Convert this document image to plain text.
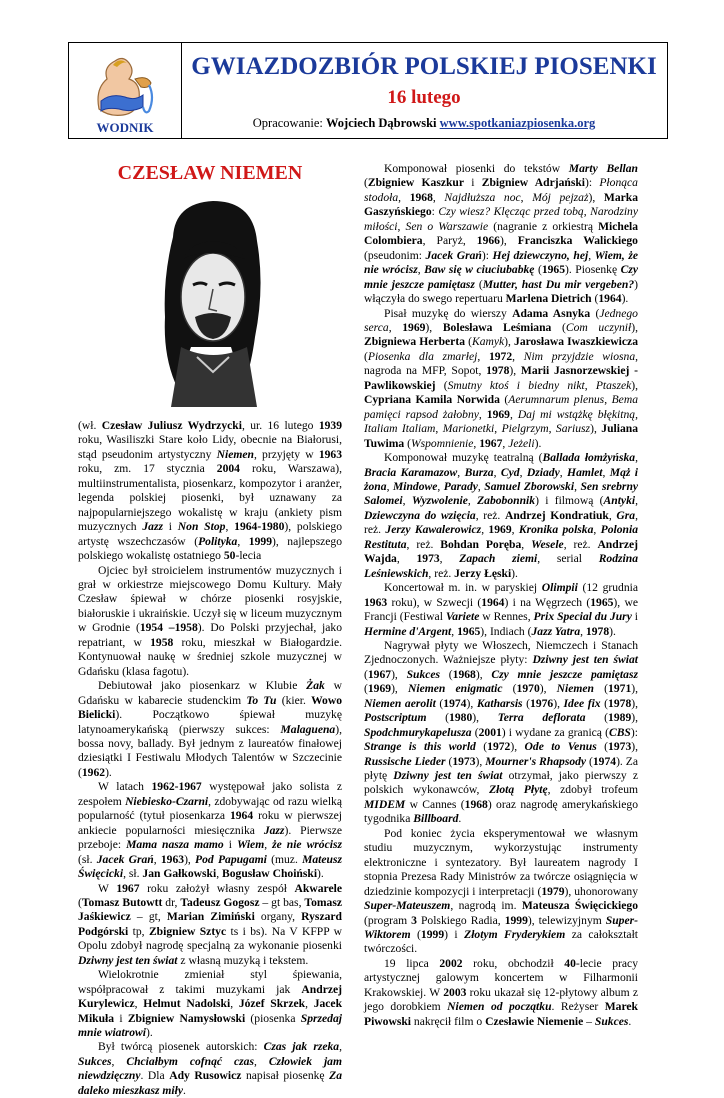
WODNIK
GWIAZDOZBIÓR POLSKIEJ PIOSENKI
16 lutego
Opracowanie: Wojciech Dąbrowski www.spotkaniazpiosenka.org
CZESŁAW NIEMEN

(wł. Czesław Juliusz Wydrzycki, ur. 16 lutego 1939 roku, Wasiliszki Stare koło Lidy, obecnie na Białorusi, stąd pseudonim artystyczny Niemen, przyjęty w 1963 roku, zm. 17 stycznia 2004 roku, Warszawa), multiinstrumentalista, piosenkarz, kompozytor i aranżer, legenda polskiej piosenki, był uznawany za najpopularniejszego wokalistę w kraju (ankiety pism muzycznych Jazz i Non Stop, 1964-1980), polskiego artystę wszechczasów (Polityka, 1999), najlepszego polskiego wokalistę ostatniego 50-lecia

Ojciec był stroicielem instrumentów muzycznych i grał w orkiestrze miejscowego Domu Kultury. Mały Czesław śpiewał w chórze piosenki rosyjskie, białoruskie i ukraińskie. Uczył się w liceum muzycznym w Grodnie (1954 –1958). Do Polski przyjechał, jako repatriant, w 1958 roku, mieszkał w Białogardzie. Kontynuował naukę w średniej szkole muzycznej w Gdańsku (klasa fagotu).

Debiutował jako piosenkarz w Klubie Żak w Gdańsku w kabarecie studenckim To Tu (kier. Wowo Bielicki). Początkowo śpiewał muzykę latynoamerykańską (pierwszy sukces: Malaguena), bossa novy, ballady. Był jednym z laureatów finałowej dziesiątki I Festiwalu Młodych Talentów w Szczecinie (1962).

W latach 1962-1967 występował jako solista z zespołem Niebiesko-Czarni, zdobywając od razu wielką popularność (tytuł piosenkarza 1964 roku w pierwszej ankiecie popularności miesięcznika Jazz). Pierwsze przeboje: Mama nasza mamo i Wiem, że nie wrócisz (sł. Jacek Grań, 1963), Pod Papugami (muz. Mateusz Święcicki, sł. Jan Gałkowski, Bogusław Choiński).

W 1967 roku założył własny zespół Akwarele (Tomasz Butowtt dr, Tadeusz Gogosz – gt bas, Tomasz Jaśkiewicz – gt, Marian Zimiński organy, Ryszard Podgórski tp, Zbigniew Sztyc ts i bs). Na V KFPP w Opolu zdobył nagrodę specjalną za wykonanie piosenki Dziwny jest ten świat z własną muzyką i tekstem.

Wielokrotnie zmieniał styl śpiewania, współpracował z takimi muzykami jak Andrzej Kurylewicz, Helmut Nadolski, Józef Skrzek, Jacek Mikuła i Zbigniew Namysłowski (piosenka Sprzedaj mnie wiatrowi).

Był twórcą piosenek autorskich: Czas jak rzeka, Sukces, Chciałbym cofnąć czas, Człowiek jam niewdzięczny. Dla Ady Rusowicz napisał piosenkę Za daleko mieszkasz miły.

Komponował piosenki do tekstów Marty Bellan (Zbigniew Kaszkur i Zbigniew Adrjański): Płonąca stodoła, 1968, Najdłuższa noc, Mój pejzaż), Marka Gaszyńskiego: Czy wiesz? Klęcząc przed tobą, Narodziny miłości, Sen o Warszawie (nagranie z orkiestrą Michela Colombiera, Paryż, 1966), Franciszka Walickiego (pseudonim: Jacek Grań): Hej dziewczyno, hej, Wiem, że nie wrócisz, Baw się w ciuciubabkę (1965). Piosenkę Czy mnie jeszcze pamiętasz (Mutter, hast Du mir vergeben?) włączyła do swego repertuaru Marlena Dietrich (1964).

Pisał muzykę do wierszy Adama Asnyka (Jednego serca, 1969), Bolesława Leśmiana (Com uczynił), Zbigniewa Herberta (Kamyk), Jarosława Iwaszkiewicza (Piosenka dla zmarłej, 1972, Nim przyjdzie wiosna, nagroda na MFP, Sopot, 1978), Marii Jasnorzewskiej - Pawlikowskiej (Smutny ktoś i biedny nikt, Ptaszek), Cypriana Kamila Norwida (Aerumnarum plenus, Bema pamięci rapsod żałobny, 1969, Daj mi wstążkę błękitną, Italiam Italiam, Marionetki, Pielgrzym, Sariusz), Juliana Tuwima (Wspomnienie, 1967, Jeżeli).

Komponował muzykę teatralną (Ballada łomżyńska, Bracia Karamazow, Burza, Cyd, Dziady, Hamlet, Mąż i żona, Mindowe, Parady, Samuel Zborowski, Sen srebrny Salomei, Wyzwolenie, Zabobonnik) i filmową (Antyki, Dziewczyna do wzięcia, reż. Andrzej Kondratiuk, Gra, reż. Jerzy Kawalerowicz, 1969, Kronika polska, Polonia Restituta, reż. Bohdan Poręba, Wesele, reż. Andrzej Wajda, 1973, Zapach ziemi, serial Rodzina Leśniewskich, reż. Jerzy Łęski).

Koncertował m. in. w paryskiej Olimpii (12 grudnia 1963 roku), w Szwecji (1964) i na Węgrzech (1965), we Francji (Festiwal Variete w Rennes, Prix Special du Jury i Hermine d'Argent, 1965), Indiach (Jazz Yatra, 1978).

Nagrywał płyty we Włoszech, Niemczech i Stanach Zjednoczonych. Ważniejsze płyty: Dziwny jest ten świat (1967), Sukces (1968), Czy mnie jeszcze pamiętasz (1969), Niemen enigmatic (1970), Niemen (1971), Niemen aerolit (1974), Katharsis (1976), Idee fix (1978), Postscriptum (1980), Terra deflorata (1989), Spodchmurykapelusza (2001) i wydane za granicą (CBS): Strange is this world (1972), Ode to Venus (1973), Russische Lieder (1973), Mourner's Rhapsody (1974). Za płytę Dziwny jest ten świat otrzymał, jako pierwszy z polskich wykonawców, Złotą Płytę, zdobył trofeum MIDEM w Cannes (1968) oraz nagrodę amerykańskiego tygodnika Billboard.

Pod koniec życia eksperymentował we własnym studiu muzycznym, wykorzystując instrumenty elektroniczne i syntezatory. Był laureatem nagrody I stopnia Prezesa Rady Ministrów za twórcze osiągnięcia w dziedzinie kompozycji i interpretacji (1979), uhonorowany Super-Mateuszem, nagrodą im. Mateusza Święcickiego (program 3 Polskiego Radia, 1999), telewizyjnym Super-Wiktorem (1999) i Złotym Fryderykiem za całokształt twórczości.

19 lipca 2002 roku, obchodził 40-lecie pracy artystycznej galowym koncertem w Filharmonii Krakowskiej. W 2003 roku ukazał się 12-płytowy album z jego dorobkiem Niemen od początku. Reżyser Marek Piwowski nakręcił film o Czesławie Niemenie – Sukces.
